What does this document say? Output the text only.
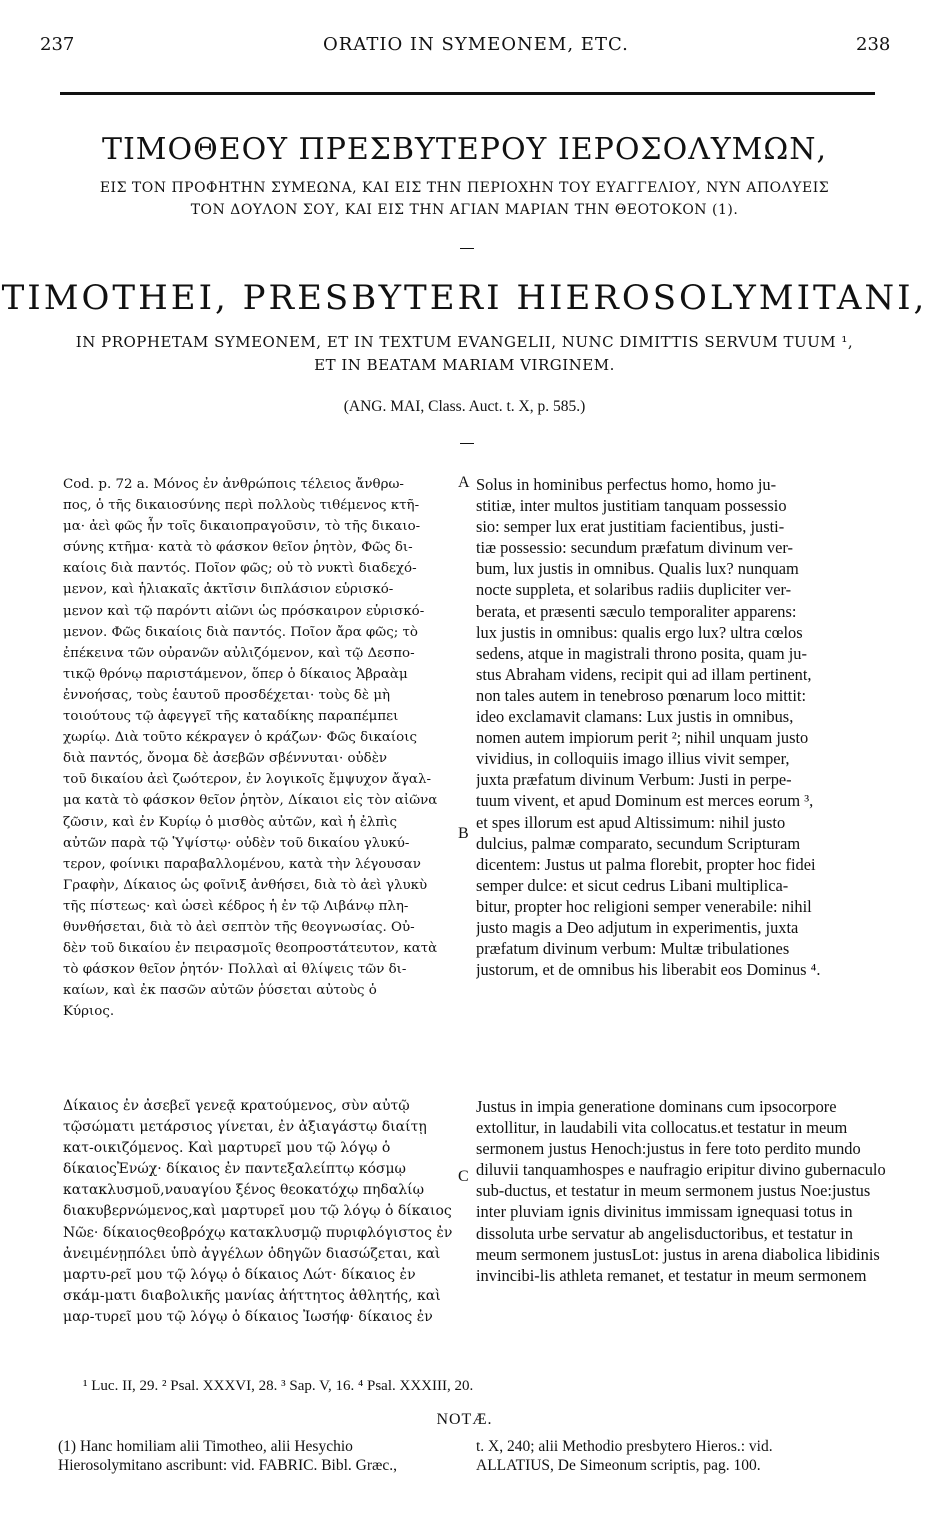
237	ORATIO IN SYMEONEM, ETC.	238
ΤΙΜΟΘΕΟΥ ΠΡΕΣΒΥΤΕΡΟΥ ΙΕΡΟΣΟΛΥΜΩΝ,
ΕΙΣ ΤΟΝ ΠΡΟΦΗΤΗΝ ΣΥΜΕΩΝΑ, ΚΑΙ ΕΙΣ ΤΗΝ ΠΕΡΙΟΧΗΝ ΤΟΥ ΕΥΑΓΓΕΛΙΟΥ, ΝΥΝ ΑΠΟΛΥΕΙΣ
ΤΟΝ ΔΟΥΛΟΝ ΣΟΥ, ΚΑΙ ΕΙΣ ΤΗΝ ΑΓΙΑΝ ΜΑΡΙΑΝ ΤΗΝ ΘΕΟΤΟΚΟΝ (1).
TIMOTHEI, PRESBYTERI HIEROSOLYMITANI,
IN PROPHETAM SYMEONEM, ET IN TEXTUM EVANGELII, NUNC DIMITTIS SERVUM TUUM ¹,
ET IN BEATAM MARIAM VIRGINEM.
(ANG. MAI, Class. Auct. t. X, p. 585.)
Cod. p. 72 a. Μόνος ἐν ἀνθρώποις τέλειος ἄνθρω-
πος, ὁ τῆς δικαιοσύνης περὶ πολλοὺς τιθέμενος κτῆ-
μα· ἀεὶ φῶς ἦν τοῖς δικαιοπραγοῦσιν, τὸ τῆς δικαιο-
σύνης κτῆμα· κατὰ τὸ φάσκον θεῖον ῥητὸν, Φῶς δι-
καίοις διὰ παντός. Ποῖον φῶς; οὐ τὸ νυκτὶ διαδεχό-
μενον, καὶ ἡλιακαῖς ἀκτῖσιν διπλάσιον εὑρισκό-
μενον καὶ τῷ παρόντι αἰῶνι ὡς πρόσκαιρον εὑρισκό-
μενον. Φῶς δικαίοις διὰ παντός. Ποῖον ἄρα φῶς; τὸ
ἐπέκεινα τῶν οὐρανῶν αὐλιζόμενον, καὶ τῷ Δεσπο-
τικῷ θρόνῳ παριστάμενον, ὅπερ ὁ δίκαιος Ἀβραὰμ
ἐννοήσας, τοὺς ἑαυτοῦ προσδέχεται· τοὺς δὲ μὴ
τοιούτους τῷ ἀφεγγεῖ τῆς καταδίκης παραπέμπει
χωρίῳ. Διὰ τοῦτο κέκραγεν ὁ κράζων· Φῶς δικαίοις
διὰ παντός, ὄνομα δὲ ἀσεβῶν σβέννυται· οὐδὲν
τοῦ δικαίου ἀεὶ ζωότερον, ἐν λογικοῖς ἔμψυχον ἄγαλ-
μα κατὰ τὸ φάσκον θεῖον ῥητὸν, Δίκαιοι εἰς τὸν αἰῶνα
ζῶσιν, καὶ ἐν Κυρίῳ ὁ μισθὸς αὐτῶν, καὶ ἡ ἐλπὶς
αὐτῶν παρὰ τῷ Ὑψίστῳ· οὐδὲν τοῦ δικαίου γλυκύ-
τερον, φοίνικι παραβαλλομένου, κατὰ τὴν λέγουσαν
Γραφὴν, Δίκαιος ὡς φοῖνιξ ἀνθήσει, διὰ τὸ ἀεὶ γλυκὺ
τῆς πίστεως· καὶ ὡσεὶ κέδρος ἡ ἐν τῷ Λιβάνῳ πλη-
θυνθήσεται, διὰ τὸ ἀεὶ σεπτὸν τῆς θεογνωσίας. Οὐ-
δὲν τοῦ δικαίου ἐν πειρασμοῖς θεοπροστάτευτον, κατὰ
τὸ φάσκον θεῖον ῥητόν· Πολλαὶ αἱ θλίψεις τῶν δι-
καίων, καὶ ἐκ πασῶν αὐτῶν ῥύσεται αὐτοὺς ὁ
Κύριος.
Solus in hominibus perfectus homo, homo ju-
stitiæ, inter multos justitiam tanquam possessio
sio: semper lux erat justitiam facientibus, justi-
tiæ possessio: secundum præfatum divinum ver-
bum, lux justis in omnibus. Qualis lux? nunquam
nocte suppleta, et solaribus radiis dupliciter ver-
berata, et præsenti sæculo temporaliter apparens:
lux justis in omnibus: qualis ergo lux? ultra cœlos
sedens, atque in magistrali throno posita, quam ju-
stus Abraham videns, recipit qui ad illam pertinent,
non tales autem in tenebroso pœnarum loco mittit:
ideo exclamavit clamans: Lux justis in omnibus,
nomen autem impiorum perit ²; nihil unquam justo
vividius, in colloquiis imago illius vivit semper,
juxta præfatum divinum Verbum: Justi in perpe-
tuum vivent, et apud Dominum est merces eorum ³,
et spes illorum est apud Altissimum: nihil justo
dulcius, palmæ comparato, secundum Scripturam
dicentem: Justus ut palma florebit, propter hoc fidei
semper dulce: et sicut cedrus Libani multiplica-
bitur, propter hoc religioni semper venerabile: nihil
justo magis a Deo adjutum in experimentis, juxta
præfatum divinum verbum: Multæ tribulationes
justorum, et de omnibus his liberabit eos Dominus ⁴.
Δίκαιος ἐν ἀσεβεῖ γενεᾷ κρατούμενος, σὺν αὐτῷ τῷσώματι μετάρσιος γίνεται, ἐν ἀξιαγάστῳ διαίτῃ κατ-οικιζόμενος. Καὶ μαρτυρεῖ μου τῷ λόγῳ ὁ δίκαιοςἘνώχ· δίκαιος ἐν παντεξαλείπτῳ κόσμῳ κατακλυσμοῦ,ναυαγίου ξένος θεοκατόχῳ πηδαλίῳ διακυβερνώμενος,καὶ μαρτυρεῖ μου τῷ λόγῳ ὁ δίκαιος Νῶε· δίκαιοςθεοβρόχῳ κατακλυσμῷ πυριφλόγιστος ἐν ἀνειμένῃπόλει ὑπὸ ἀγγέλων ὁδηγῶν διασώζεται, καὶ μαρτυ-ρεῖ μου τῷ λόγῳ ὁ δίκαιος Λώτ· δίκαιος ἐν σκάμ-ματι διαβολικῆς μανίας ἀήττητος ἀθλητής, καὶ μαρ-τυρεῖ μου τῷ λόγῳ ὁ δίκαιος Ἰωσήφ· δίκαιος ἐν
Justus in impia generatione dominans cum ipsocorpore extollitur, in laudabili vita collocatus.et testatur in meum sermonem justus Henoch:justus in fere toto perdito mundo diluvii tanquamhospes e naufragio eripitur divino gubernaculo sub-ductus, et testatur in meum sermonem justus Noe:justus inter pluviam ignis divinitus immissam ignequasi totus in dissoluta urbe servatur ab angelisductoribus, et testatur in meum sermonem justusLot: justus in arena diabolica libidinis invincibi-lis athleta remanet, et testatur in meum sermonem
A
B
C
¹ Luc. II, 29. ² Psal. XXXVI, 28. ³ Sap. V, 16. ⁴ Psal. XXXIII, 20.
NOTÆ.
(1) Hanc homiliam alii Timotheo, alii Hesychio
Hierosolymitano ascribunt: vid. FABRIC. Bibl. Græc.,
t. X, 240; alii Methodio presbytero Hieros.: vid.
ALLATIUS, De Simeonum scriptis, pag. 100.
